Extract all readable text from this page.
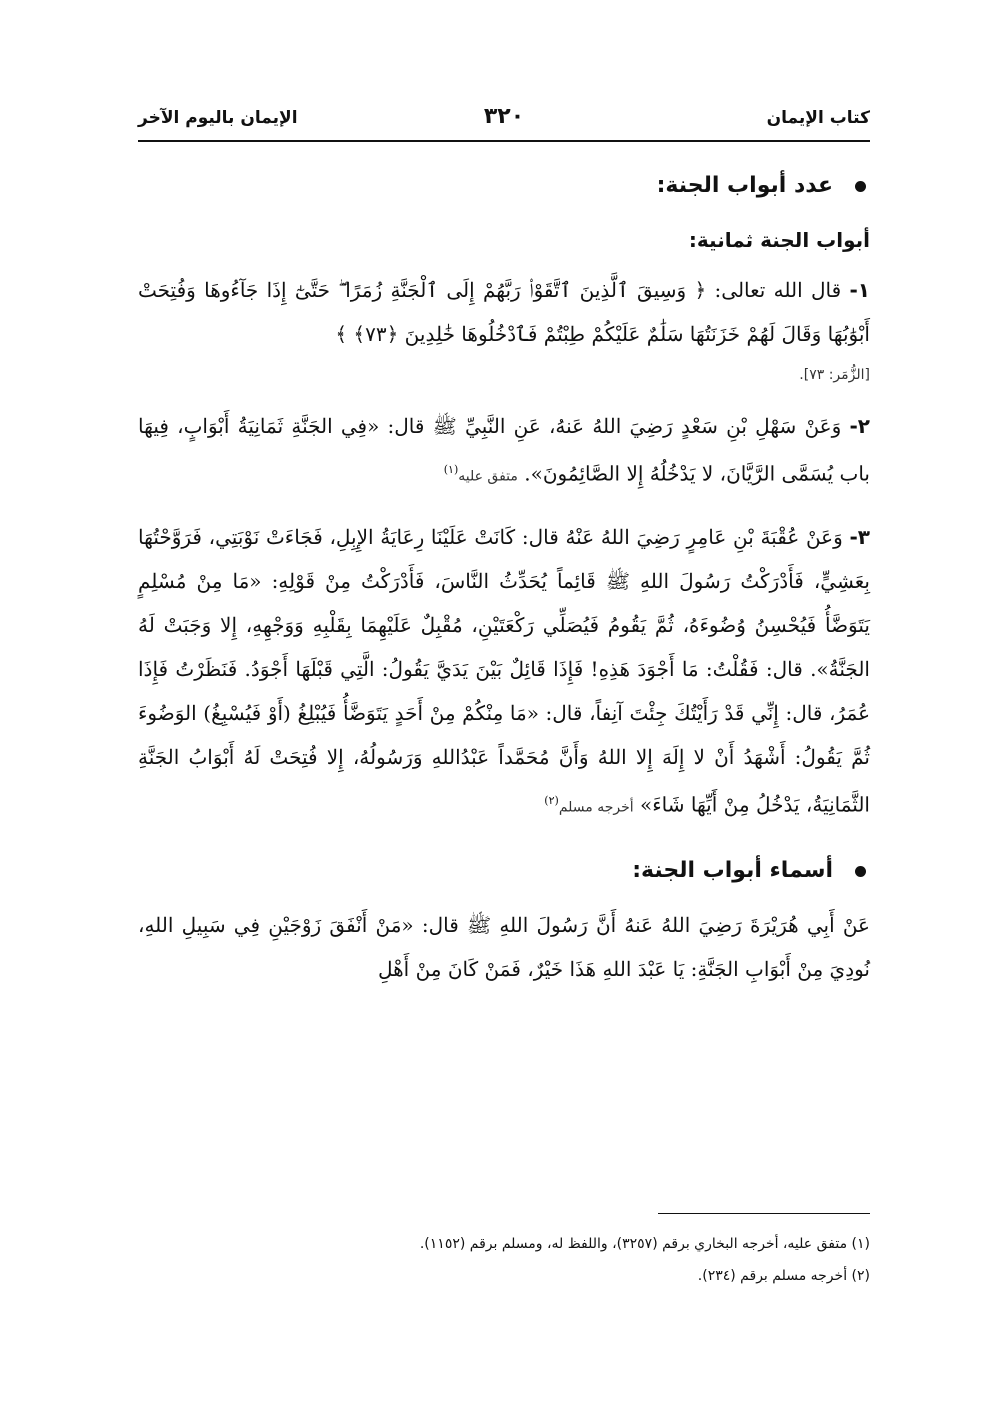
كتاب الإيمان
٣٢٠
الإيمان باليوم الآخر
عدد أبواب الجنة:
أبواب الجنة ثمانية:
١- قال الله تعالى: ﴿ وَسِيقَ ٱلَّذِينَ ٱتَّقَوْا۟ رَبَّهُمْ إِلَى ٱلْجَنَّةِ زُمَرًا ۖ حَتَّىٰٓ إِذَا جَآءُوهَا وَفُتِحَتْ أَبْوَٰبُهَا وَقَالَ لَهُمْ خَزَنَتُهَا سَلَٰمٌ عَلَيْكُمْ طِبْتُمْ فَٱدْخُلُوهَا خَٰلِدِينَ ﴿٧٣﴾ ﴾
[الزُّمَر: ٧٣].
٢- وَعَنْ سَهْلِ بْنِ سَعْدٍ رَضِيَ اللهُ عَنهُ، عَنِ النَّبِيِّ ﷺ قال: «فِي الجَنَّةِ ثَمَانِيَةُ أَبْوَابٍ، فِيهَا باب يُسَمَّى الرَّيَّانَ، لا يَدْخُلُهُ إِلا الصَّائِمُونَ». متفق عليه$^{(١)}$
٣- وَعَنْ عُقْبَةَ بْنِ عَامِرٍ رَضِيَ اللهُ عَنْهُ قال: كَانَتْ عَلَيْنَا رِعَايَةُ الإِبِلِ، فَجَاءَتْ نَوْبَتِي، فَرَوَّحْتُهَا بِعَشِيٍّ، فَأَدْرَكْتُ رَسُولَ اللهِ ﷺ قَائِماً يُحَدِّثُ النَّاسَ، فَأَدْرَكْتُ مِنْ قَوْلِهِ: «مَا مِنْ مُسْلِمٍ يَتَوَضَّأُ فَيُحْسِنُ وُضُوءَهُ، ثُمَّ يَقُومُ فَيُصَلِّي رَكْعَتَيْنِ، مُقْبِلٌ عَلَيْهِمَا بِقَلْبِهِ وَوَجْهِهِ، إِلا وَجَبَتْ لَهُ الجَنَّةُ». قال: فَقُلْتُ: مَا أَجْوَدَ هَذِهِ! فَإِذَا قَائِلٌ بَيْنَ يَدَيَّ يَقُولُ: الَّتِي قَبْلَهَا أَجْوَدُ. فَنَظَرْتُ فَإِذَا عُمَرُ، قال: إِنِّي قَدْ رَأَيْتُكَ جِئْتَ آنِفاً، قال: «مَا مِنْكُمْ مِنْ أَحَدٍ يَتَوَضَّأُ فَيُبْلِغُ (أَوْ فَيُسْبِغُ) الوَضُوءَ ثُمَّ يَقُولُ: أَشْهَدُ أَنْ لا إِلَهَ إِلا اللهُ وَأَنَّ مُحَمَّداً عَبْدُاللهِ وَرَسُولُهُ، إِلا فُتِحَتْ لَهُ أَبْوَابُ الجَنَّةِ الثَّمَانِيَةُ، يَدْخُلُ مِنْ أَيِّهَا شَاءَ» أخرجه مسلم$^{(٢)}$
أسماء أبواب الجنة:
عَنْ أَبِي هُرَيْرَةَ رَضِيَ اللهُ عَنهُ أَنَّ رَسُولَ اللهِ ﷺ قال: «مَنْ أَنْفَقَ زَوْجَيْنِ فِي سَبِيلِ اللهِ، نُودِيَ مِنْ أَبْوَابِ الجَنَّةِ: يَا عَبْدَ اللهِ هَذَا خَيْرٌ، فَمَنْ كَانَ مِنْ أَهْلِ
(١) متفق عليه، أخرجه البخاري برقم (٣٢٥٧)، واللفظ له، ومسلم برقم (١١٥٢).
(٢) أخرجه مسلم برقم (٢٣٤).
